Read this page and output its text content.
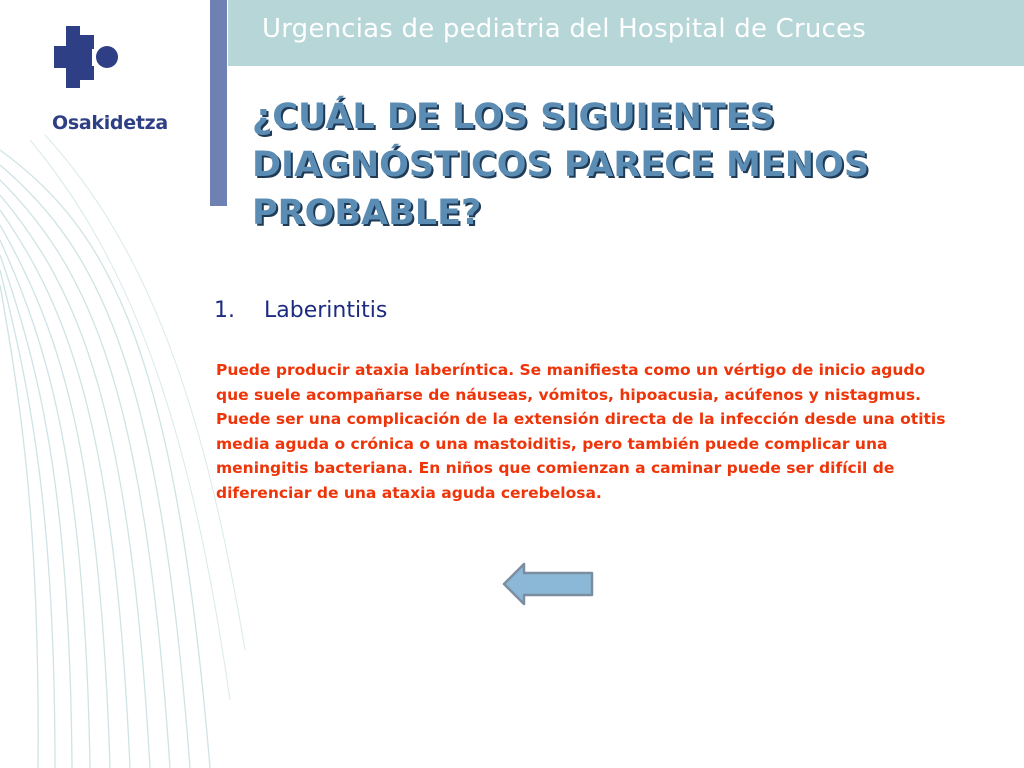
Urgencias de pediatria del Hospital de Cruces
Osakidetza ¿CUÁL DE LOS SIGUIENTES DIAGNÓSTICOS PARECE MENOS PROBABLE?
1. Laberintitis
Puede producir ataxia laberíntica. Se manifiesta como un vértigo de inicio agudo que suele acompañarse de náuseas, vómitos, hipoacusia, acúfenos y nistagmus. Puede ser una complicación de la extensión directa de la infección desde una otitis media aguda o crónica o una mastoiditis, pero también puede complicar una meningitis bacteriana. En niños que comienzan a caminar puede ser difícil de diferenciar de una ataxia aguda cerebelosa.
